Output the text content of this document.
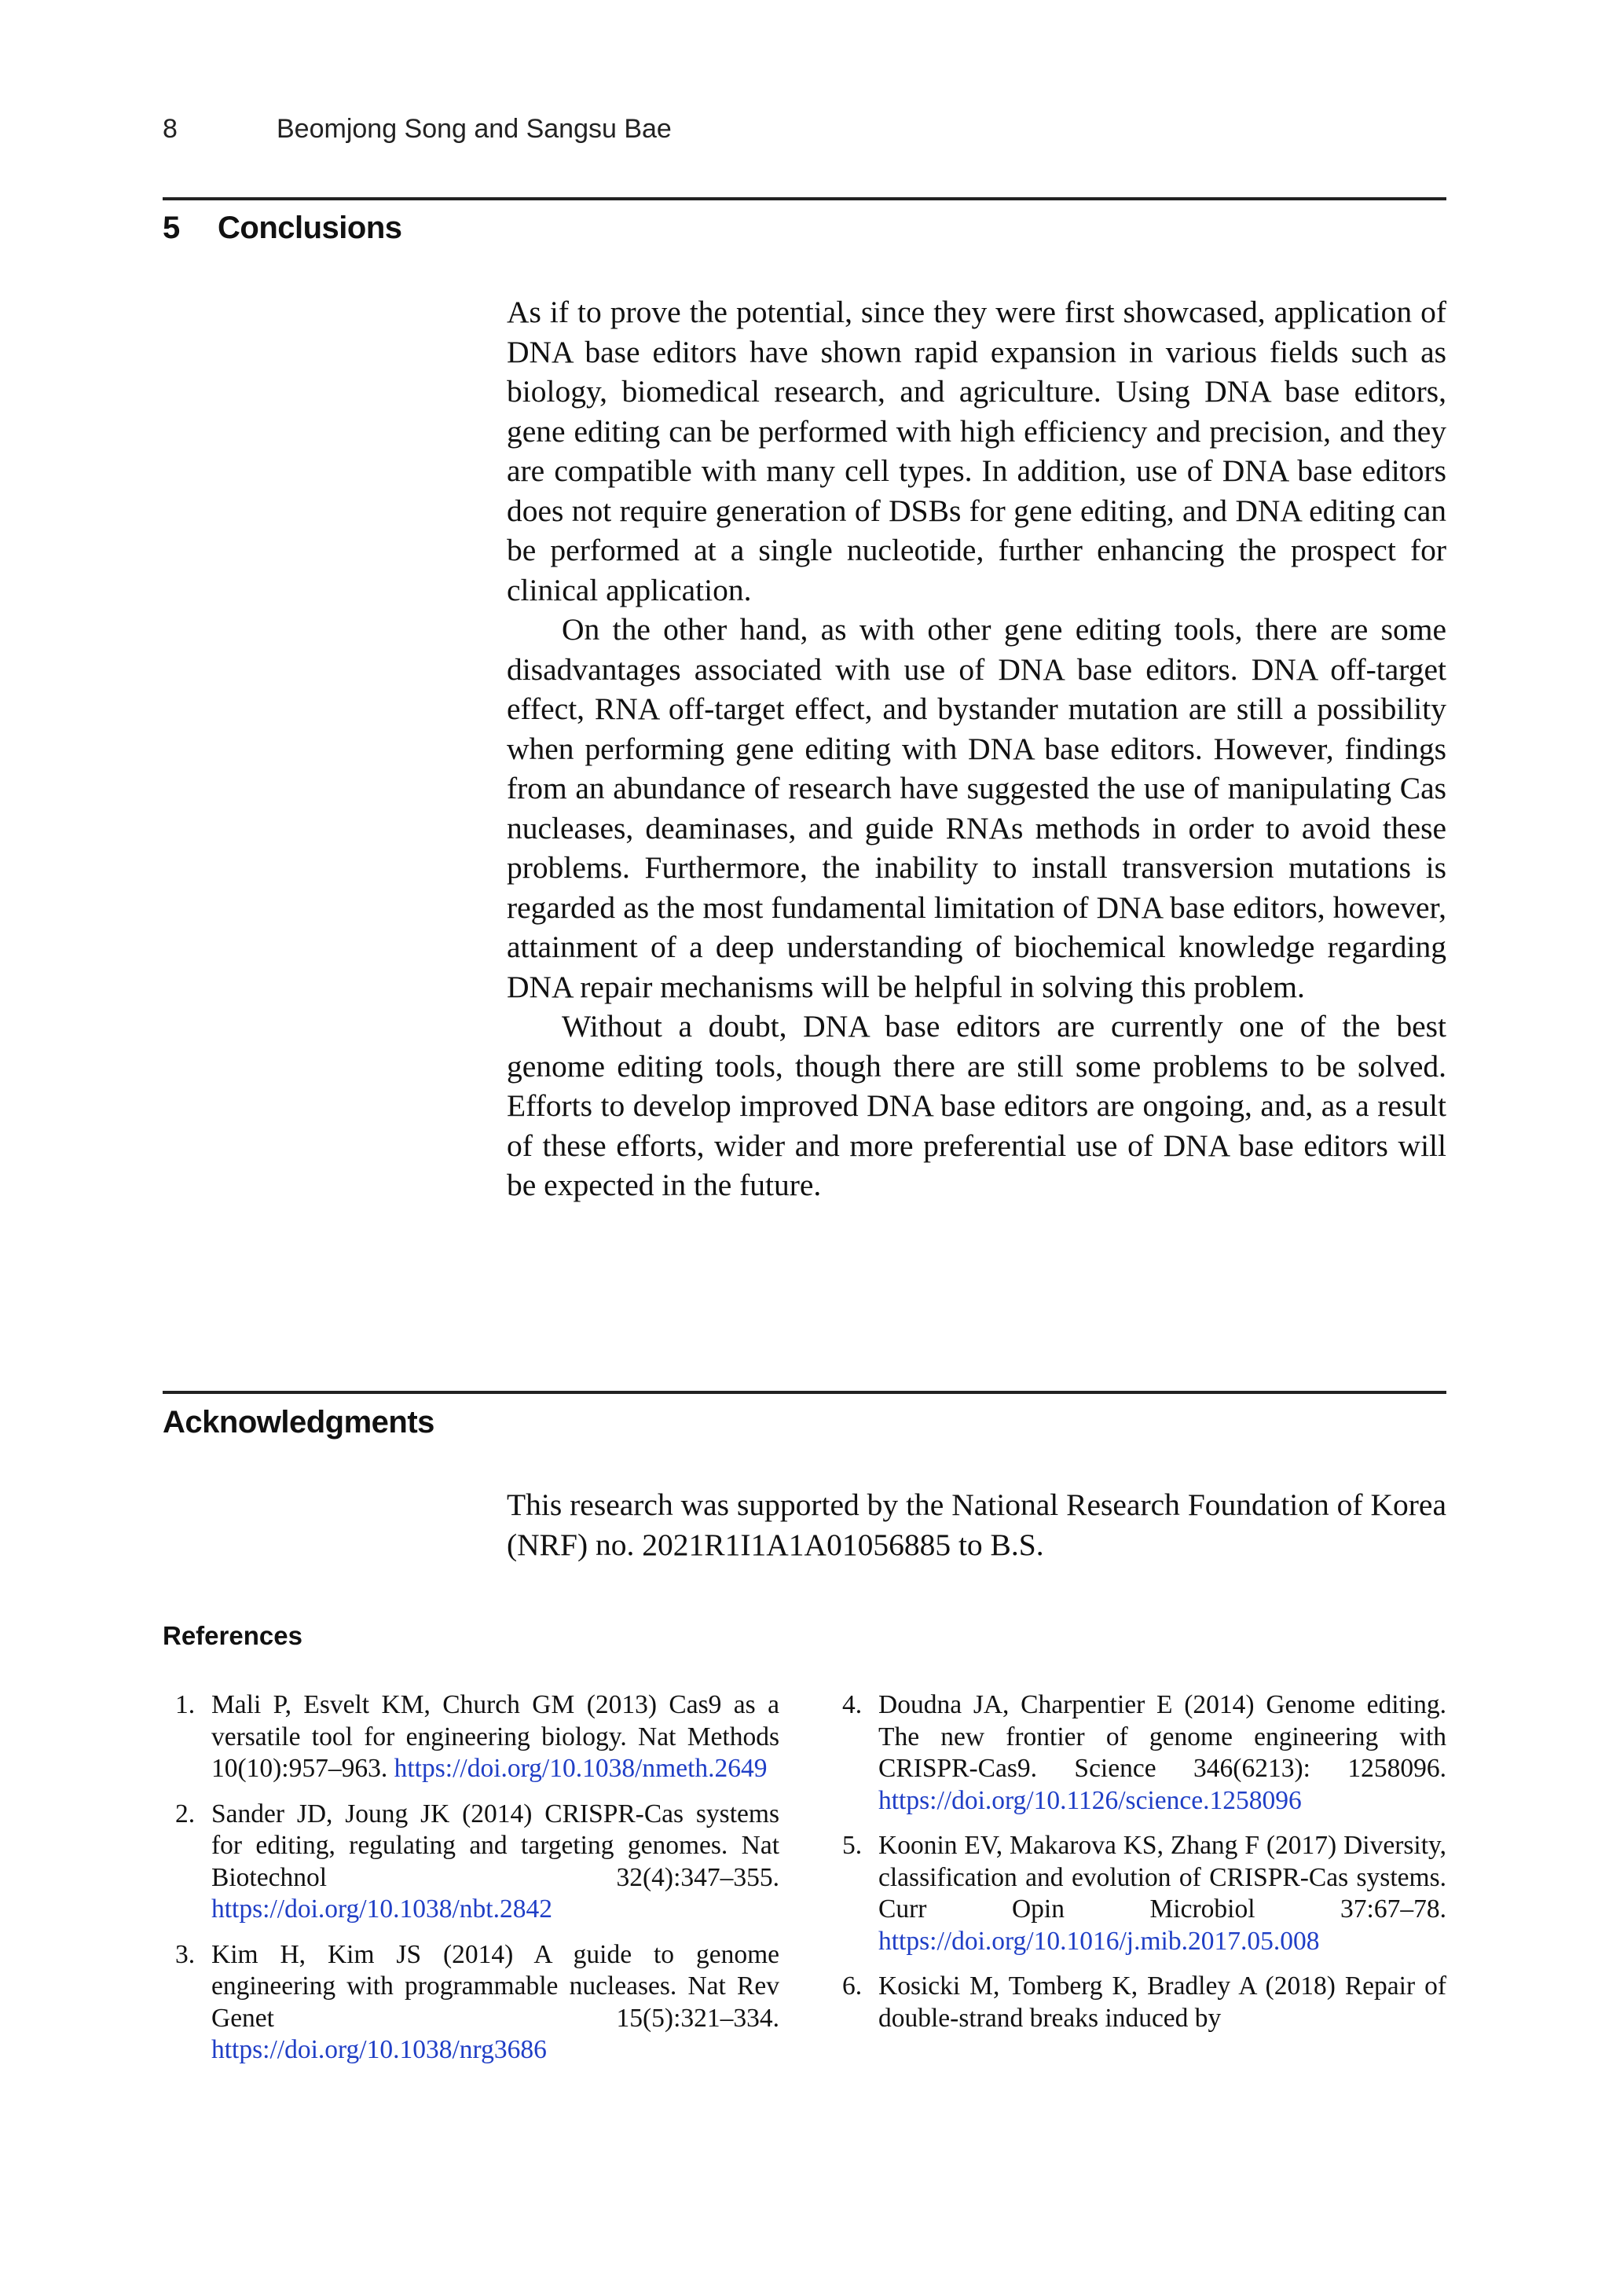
8	Beomjong Song and Sangsu Bae
5 Conclusions

As if to prove the potential, since they were first showcased, application of DNA base editors have shown rapid expansion in various fields such as biology, biomedical research, and agriculture. Using DNA base editors, gene editing can be performed with high efficiency and precision, and they are compatible with many cell types. In addition, use of DNA base editors does not require generation of DSBs for gene editing, and DNA editing can be performed at a single nucleotide, further enhancing the prospect for clinical application.

On the other hand, as with other gene editing tools, there are some disadvantages associated with use of DNA base editors. DNA off-target effect, RNA off-target effect, and bystander mutation are still a possibility when performing gene editing with DNA base editors. However, findings from an abundance of research have suggested the use of manipulating Cas nucleases, deaminases, and guide RNAs methods in order to avoid these problems. Furthermore, the inability to install transversion mutations is regarded as the most fundamental limitation of DNA base editors, however, attainment of a deep understanding of biochemical knowledge regarding DNA repair mechanisms will be helpful in solving this problem.

Without a doubt, DNA base editors are currently one of the best genome editing tools, though there are still some problems to be solved. Efforts to develop improved DNA base editors are ongoing, and, as a result of these efforts, wider and more preferential use of DNA base editors will be expected in the future.

Acknowledgments

This research was supported by the National Research Foundation of Korea (NRF) no. 2021R1I1A1A01056885 to B.S.

References
1. Mali P, Esvelt KM, Church GM (2013) Cas9 as a versatile tool for engineering biology. Nat Methods 10(10):957–963. https://doi.org/10.1038/nmeth.2649
2. Sander JD, Joung JK (2014) CRISPR-Cas systems for editing, regulating and targeting genomes. Nat Biotechnol 32(4):347–355. https://doi.org/10.1038/nbt.2842
3. Kim H, Kim JS (2014) A guide to genome engineering with programmable nucleases. Nat Rev Genet 15(5):321–334. https://doi.org/10.1038/nrg3686
4. Doudna JA, Charpentier E (2014) Genome editing. The new frontier of genome engineering with CRISPR-Cas9. Science 346(6213): 1258096. https://doi.org/10.1126/science.1258096
5. Koonin EV, Makarova KS, Zhang F (2017) Diversity, classification and evolution of CRISPR-Cas systems. Curr Opin Microbiol 37:67–78. https://doi.org/10.1016/j.mib.2017.05.008
6. Kosicki M, Tomberg K, Bradley A (2018) Repair of double-strand breaks induced by
